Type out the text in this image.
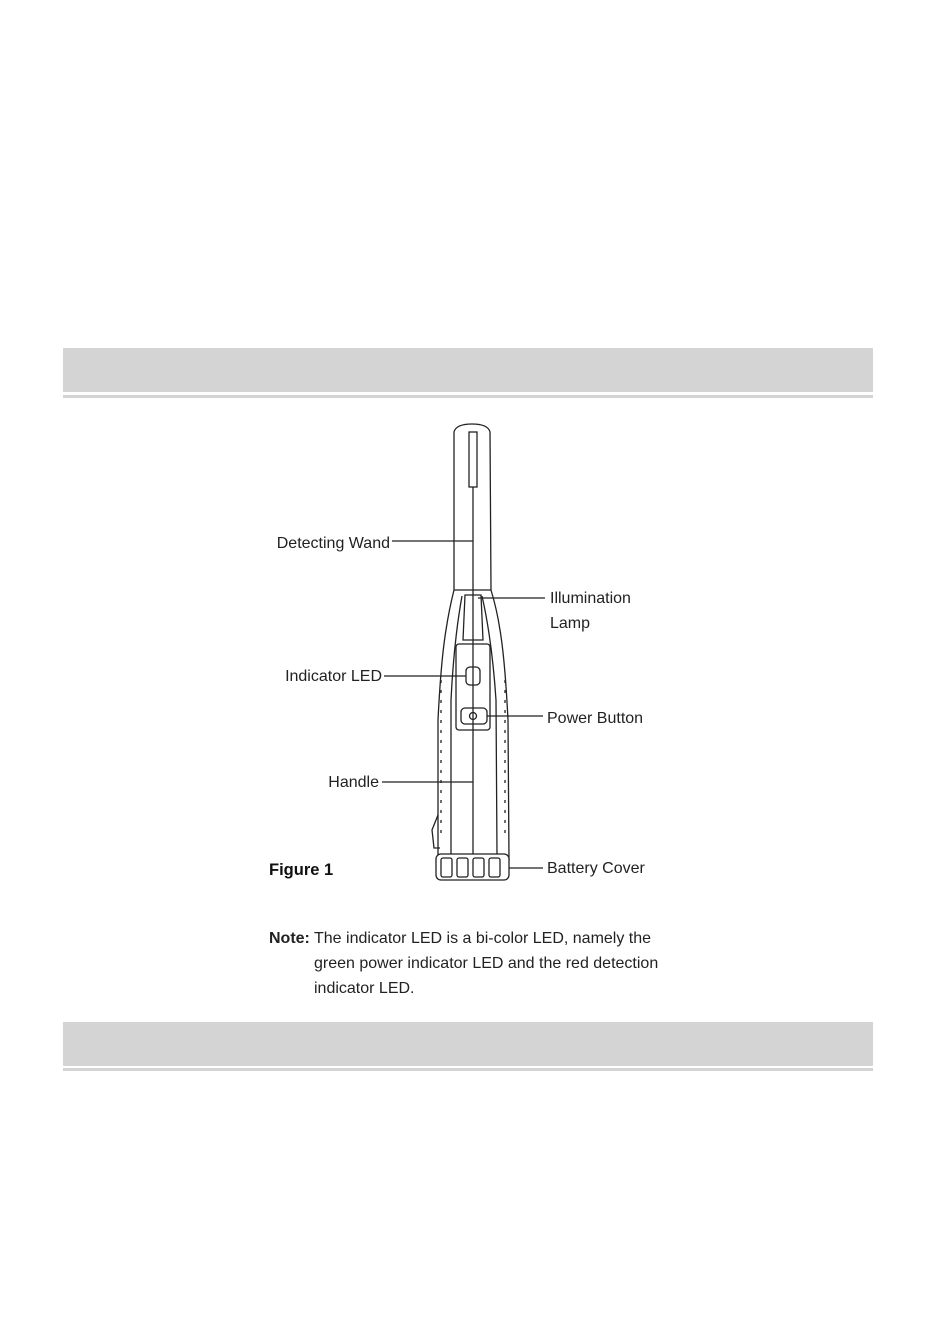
Detecting Wand
Illumination
Lamp
Indicator LED
Power Button
Handle
Battery Cover
Figure 1
Note: The indicator LED is a bi-color LED, namely the green power indicator LED and the red detection indicator LED.
